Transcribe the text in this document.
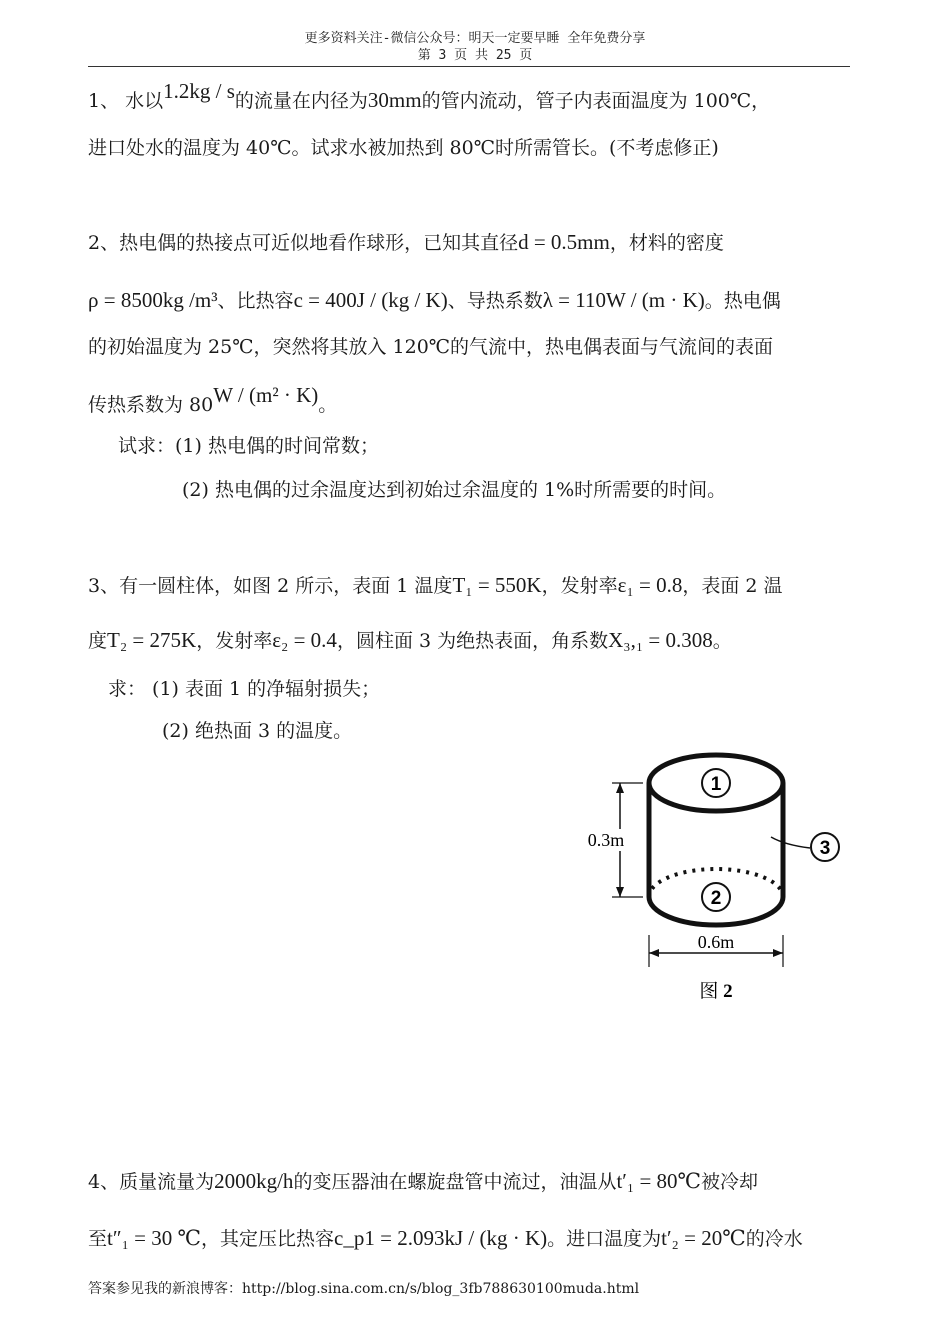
更多资料关注-微信公众号：明天一定要早睡 全年免费分享
第 3 页 共 25 页
1、 水以1.2kg / s的流量在内径为30mm的管内流动，管子内表面温度为 100℃，
进口处水的温度为 40℃。试求水被加热到 80℃时所需管长。(不考虑修正)
2、热电偶的热接点可近似地看作球形，已知其直径d = 0.5mm，材料的密度
ρ = 8500kg /m³、比热容c = 400J / (kg / K)、导热系数λ = 110W / (m · K)。热电偶
的初始温度为 25℃，突然将其放入 120℃的气流中，热电偶表面与气流间的表面
传热系数为 80W / (m² · K)。
试求：(1) 热电偶的时间常数；
(2) 热电偶的过余温度达到初始过余温度的 1%时所需要的时间。
3、有一圆柱体，如图 2 所示，表面 1 温度T₁ = 550K，发射率ε₁ = 0.8，表面 2 温
度T₂ = 275K，发射率ε₂ = 0.4，圆柱面 3 为绝热表面，角系数X₃,₁ = 0.308。
求： (1) 表面 1 的净辐射损失；
(2) 绝热面 3 的温度。
1
2
3
0.3m
0.6m
图 2
4、质量流量为2000kg/h的变压器油在螺旋盘管中流过，油温从t′₁ = 80℃被冷却
至t″₁ = 30 ℃，其定压比热容c_p1 = 2.093kJ / (kg · K)。进口温度为t′₂ = 20℃的冷水
答案参见我的新浪博客：http://blog.sina.com.cn/s/blog_3fb788630100muda.html
